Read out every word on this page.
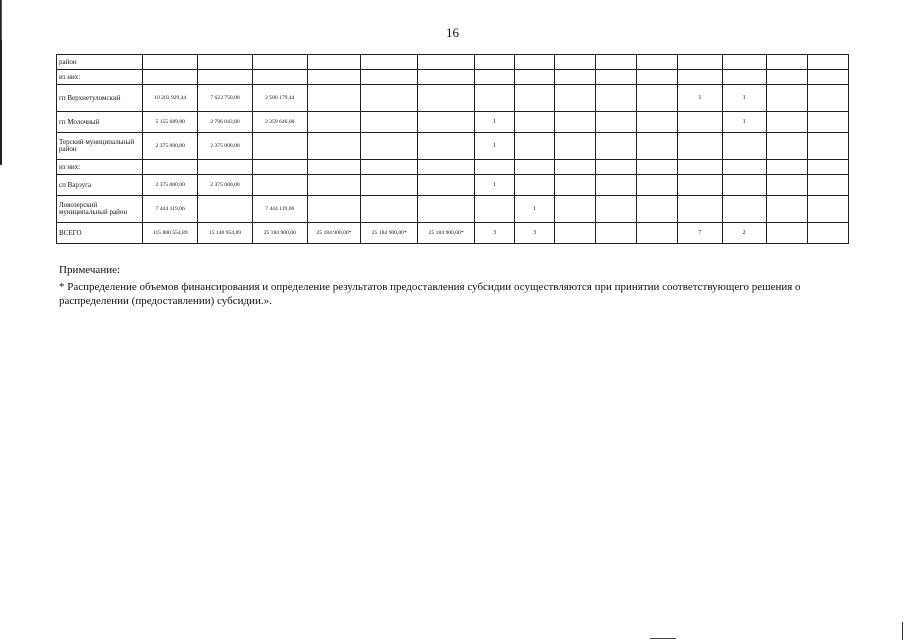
16
район															
из них:															
гп Верхнетуломский	10 203 929,44	7 623 750,00	2 580 179,44									1	1		
гп Молочный	5 155 689,80	2 796 043,80	2 359 646,00				1						1		
Терский муниципальный район	2 375 000,00	2 375 000,00					1								
из них:															
сп Варзуга	2 375 000,00	2 375 000,00					1								
Ловозерский муниципальный район	7 444 119,06		7 444 119,06					1							
ВСЕГО	115 880 554,89	15 140 954,89	25 184 900,00	25 184 900,00*	25 184 900,00*	25 184 900,00*	3	3				7	2		
Примечание:
* Распределение объемов финансирования и определение результатов предоставления субсидии осуществляются при принятии соответствующего решения о распределении (предоставлении) субсидии.».
